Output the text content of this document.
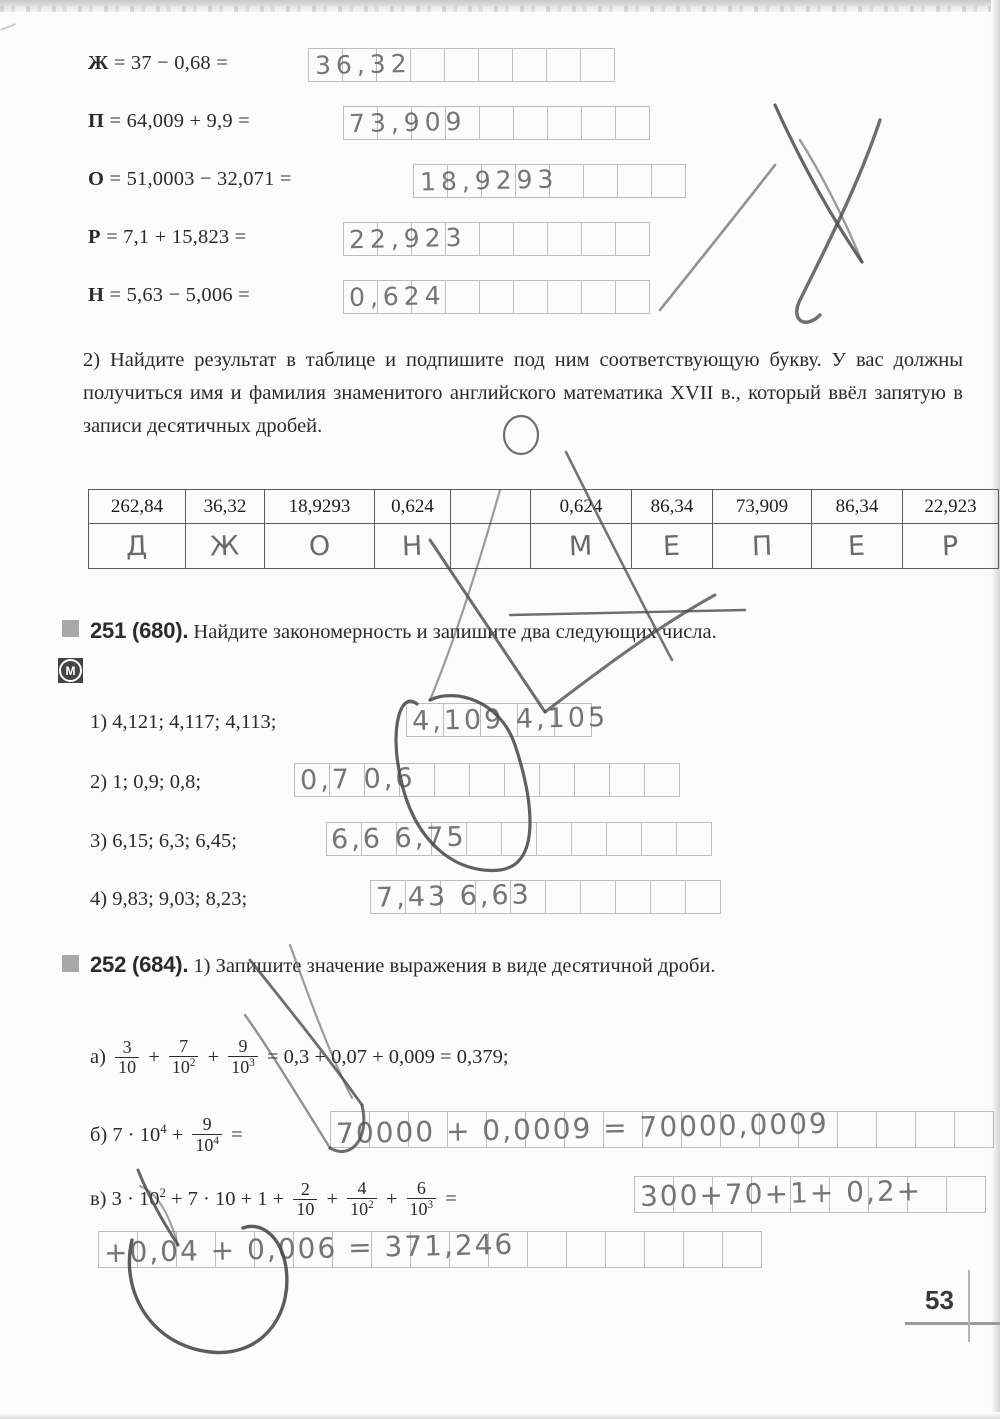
Ж = 37 − 0,68 =	36,32
П = 64,009 + 9,9 =	73,909
О = 51,0003 − 32,071 =	18,9293
Р = 7,1 + 15,823 =	22,923
Н = 5,63 − 5,006 =	0,624
2) Найдите результат в таблице и подпишите под ним соответствующую букву. У вас должны получиться имя и фамилия знаменитого английского математика XVII в., который ввёл запятую в записи десятичных дробей.
262,84	36,32	18,9293	0,624		0,624	86,34	73,909	86,34	22,923
Д	Ж	О	Н		М	Е	П	Е	Р
M
251 (680). Найдите закономерность и запишите два следующих числа.
1) 4,121; 4,117; 4,113;	4,109 4,105
2) 1; 0,9; 0,8;	0,7 0,6
3) 6,15; 6,3; 6,45;	6,6 6,75
4) 9,83; 9,03; 8,23;	7,43 6,63
252 (684). 1) Запишите значение выражения в виде десятичной дроби.
$а) \frac{3}{10} + \frac{7}{10^2} + \frac{9}{10^3} = 0,3 + 0,07 + 0,009 = 0,379$;
б) $7 \cdot 10^4 + \frac{9}{10^4}$ =	70000 + 0,0009 = 70000,0009
в) $3 \cdot 10^2 + 7 \cdot 10 + 1 + \frac{2}{10} + \frac{4}{10^2} + \frac{6}{10^3}$ =	300+70+1+ 0,2+
+0,04 + 0,006 = 371,246
53
